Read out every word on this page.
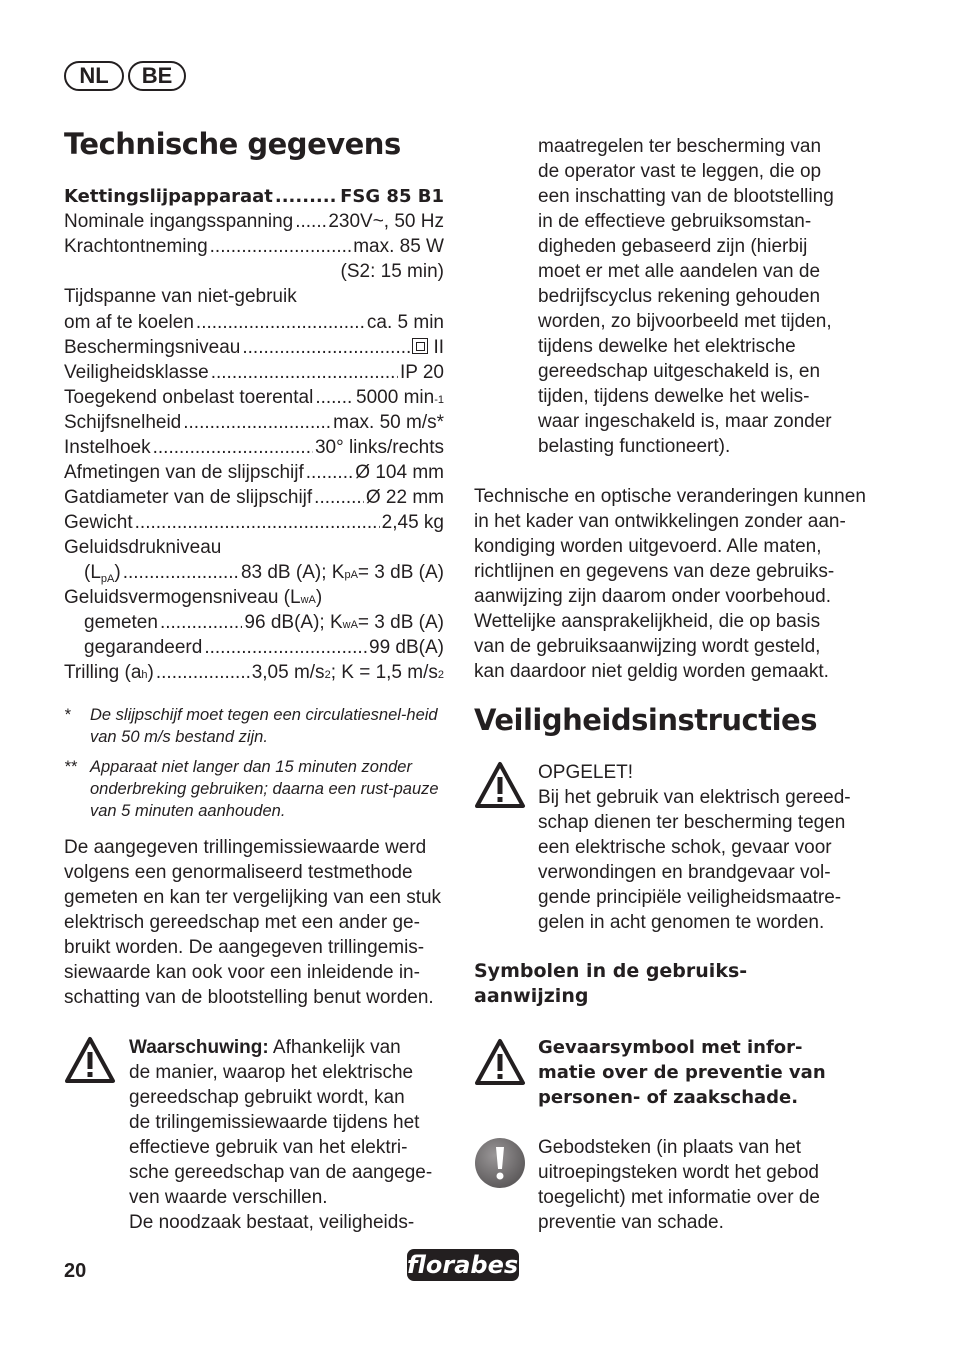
NL	BE
Technische gegevens
Kettingslijpapparaat .....	FSG 85 B1
Nominale ingangsspanning ..... 230V~, 50 Hz
Krachtontneming .....	max. 85 W
(S2: 15 min)
Tijdspanne van niet-gebruik
om af te koelen .....	ca. 5 min
Beschermingsniveau .....	II
Veiligheidsklasse .....	IP 20
Toegekend onbelast toerental ..... 5000 min -1
Schijfsnelheid .....	max. 50 m/s*
Instelhoek .....	30° links/rechts
Afmetingen van de slijpschijf .....	Ø 104 mm
Gatdiameter van de slijpschijf .....	Ø 22 mm
Gewicht .....	2,45 kg
Geluidsdrukniveau
$(L_{pA})$ .....	83 dB (A); K pA = 3 dB (A)
Geluidsvermogensniveau (L wA )
gemeten .....	96 dB(A); K wA = 3 dB (A)
gegarandeerd .....	99 dB(A)
Trilling (a h ) .....	3,05 m/s 2 ; K = 1,5 m/s 2
* De slijpschijf moet tegen een circulatiesnel-heid van 50 m/s bestand zijn.
** Apparaat niet langer dan 15 minuten zonder onderbreking gebruiken; daarna een rust-pauze van 5 minuten aanhouden.
De aangegeven trillingemissiewaarde werd
volgens een genormaliseerd testmethode
gemeten en kan ter vergelijking van een stuk
elektrisch gereedschap met een ander ge-
bruikt worden. De aangegeven trillingemis-
siewaarde kan ook voor een inleidende in-
schatting van de blootstelling benut worden.
Waarschuwing: Afhankelijk van
de manier, waarop het elektrische
gereedschap gebruikt wordt, kan
de trilingemissiewaarde tijdens het
effectieve gebruik van het elektri-
sche gereedschap van de aangege-
ven waarde verschillen.
De noodzaak bestaat, veiligheids-
maatregelen ter bescherming van
de operator vast te leggen, die op
een inschatting van de blootstelling
in de effectieve gebruiksomstan-
digheden gebaseerd zijn (hierbij
moet er met alle aandelen van de
bedrijfscyclus rekening gehouden
worden, zo bijvoorbeeld met tijden,
tijdens dewelke het elektrische
gereedschap uitgeschakeld is, en
tijden, tijdens dewelke het welis-
waar ingeschakeld is, maar zonder
belasting functioneert).
Technische en optische veranderingen kunnen
in het kader van ontwikkelingen zonder aan-
kondiging worden uitgevoerd. Alle maten,
richtlijnen en gegevens van deze gebruiks-
aanwijzing zijn daarom onder voorbehoud.
Wettelijke aansprakelijkheid, die op basis
van de gebruiksaanwijzing wordt gesteld,
kan daardoor niet geldig worden gemaakt.
Veiligheidsinstructies
OPGELET!
Bij het gebruik van elektrisch gereed-
schap dienen ter bescherming tegen
een elektrische schok, gevaar voor
verwondingen en brandgevaar vol-
gende principiële veiligheidsmaatre-
gelen in acht genomen te worden.
Symbolen in de gebruiks-
aanwijzing
Gevaarsymbool met infor-
matie over de preventie van
personen- of zaakschade.
Gebodsteken (in plaats van het
uitroepingsteken wordt het gebod
toegelicht) met informatie over de
preventie van schade.
20	florabest
